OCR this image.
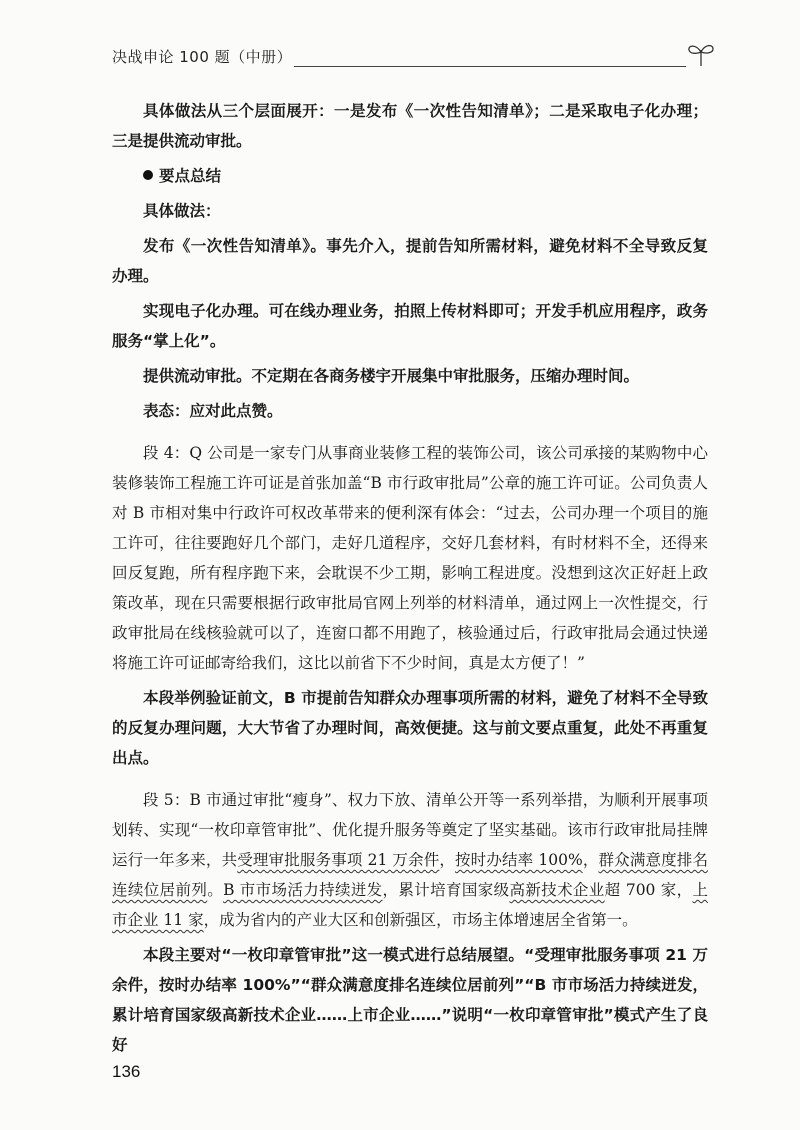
决战申论 100 题（中册）

具体做法从三个层面展开：一是发布《一次性告知清单》；二是采取电子化办理；三是提供流动审批。

要点总结

具体做法：

发布《一次性告知清单》。事先介入，提前告知所需材料，避免材料不全导致反复办理。

实现电子化办理。可在线办理业务，拍照上传材料即可；开发手机应用程序，政务服务“掌上化”。

提供流动审批。不定期在各商务楼宇开展集中审批服务，压缩办理时间。

表态：应对此点赞。

段 4：Q 公司是一家专门从事商业装修工程的装饰公司，该公司承接的某购物中心装修装饰工程施工许可证是首张加盖“B 市行政审批局”公章的施工许可证。公司负责人对 B 市相对集中行政许可权改革带来的便利深有体会：“过去，公司办理一个项目的施工许可，往往要跑好几个部门，走好几道程序，交好几套材料，有时材料不全，还得来回反复跑，所有程序跑下来，会耽误不少工期，影响工程进度。没想到这次正好赶上政策改革，现在只需要根据行政审批局官网上列举的材料清单，通过网上一次性提交，行政审批局在线核验就可以了，连窗口都不用跑了，核验通过后，行政审批局会通过快递将施工许可证邮寄给我们，这比以前省下不少时间，真是太方便了！”

本段举例验证前文，B 市提前告知群众办理事项所需的材料，避免了材料不全导致的反复办理问题，大大节省了办理时间，高效便捷。这与前文要点重复，此处不再重复出点。

段 5：B 市通过审批“瘦身”、权力下放、清单公开等一系列举措，为顺利开展事项划转、实现“一枚印章管审批”、优化提升服务等奠定了坚实基础。该市行政审批局挂牌运行一年多来，共受理审批服务事项 21 万余件，按时办结率 100%，群众满意度排名连续位居前列。B 市市场活力持续迸发，累计培育国家级高新技术企业超 700 家，上市企业 11 家，成为省内的产业大区和创新强区，市场主体增速居全省第一。

本段主要对“一枚印章管审批”这一模式进行总结展望。“受理审批服务事项 21 万余件，按时办结率 100%”“群众满意度排名连续位居前列”“B 市市场活力持续迸发，累计培育国家级高新技术企业……上市企业……”说明“一枚印章管审批”模式产生了良好

136
